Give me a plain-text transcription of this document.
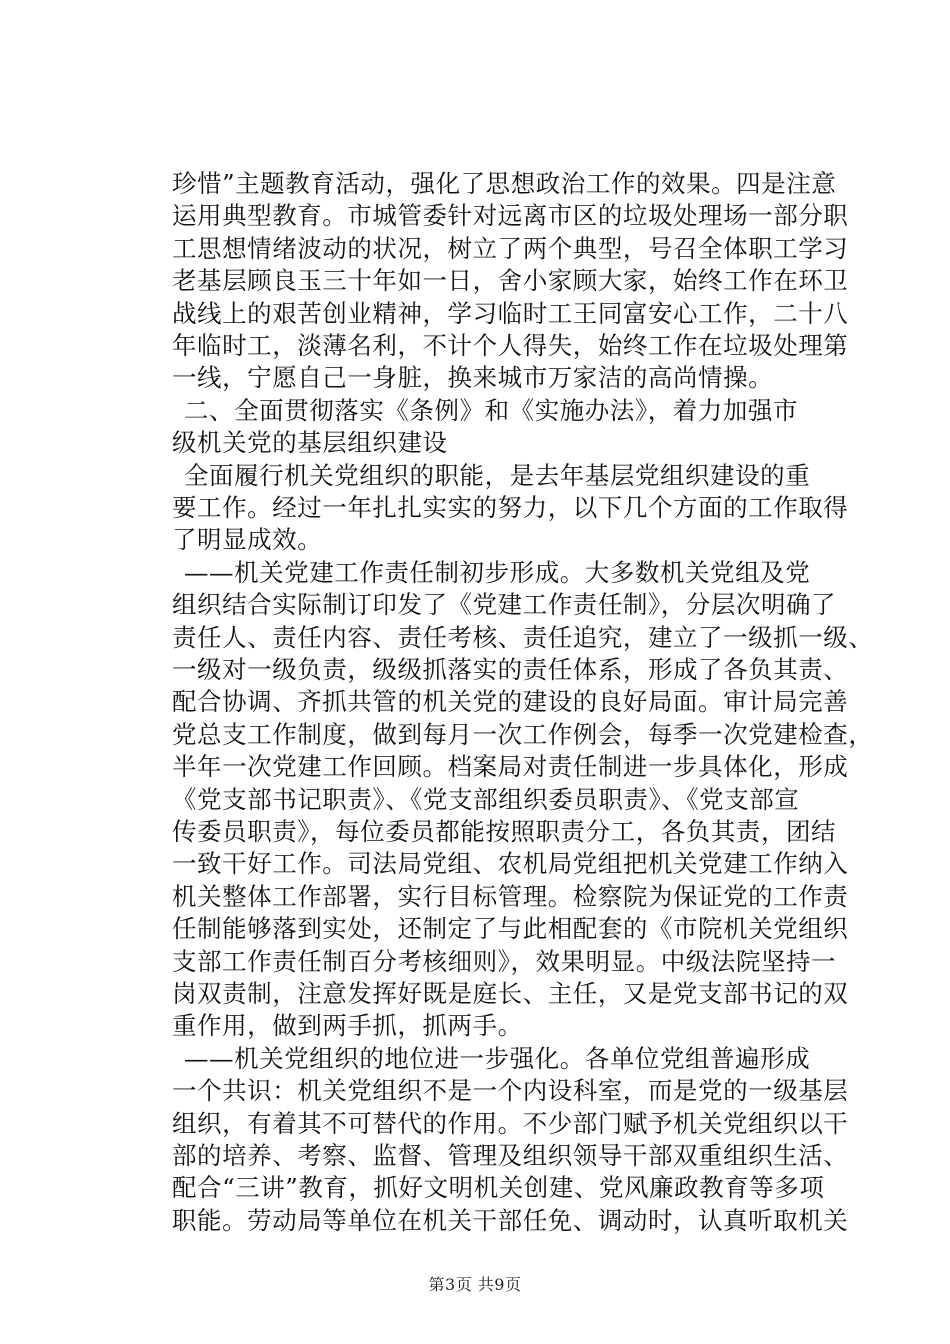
珍惜”主题教育活动，强化了思想政治工作的效果。四是注意
运用典型教育。市城管委针对远离市区的垃圾处理场一部分职
工思想情绪波动的状况，树立了两个典型，号召全体职工学习
老基层顾良玉三十年如一日，舍小家顾大家，始终工作在环卫
战线上的艰苦创业精神，学习临时工王同富安心工作，二十八
年临时工，淡薄名利，不计个人得失，始终工作在垃圾处理第
一线，宁愿自己一身脏，换来城市万家洁的高尚情操。
二、全面贯彻落实《条例》和《实施办法》，着力加强市
级机关党的基层组织建设
全面履行机关党组织的职能，是去年基层党组织建设的重
要工作。经过一年扎扎实实的努力，以下几个方面的工作取得
了明显成效。
——机关党建工作责任制初步形成。大多数机关党组及党
组织结合实际制订印发了《党建工作责任制》，分层次明确了
责任人、责任内容、责任考核、责任追究，建立了一级抓一级、
一级对一级负责，级级抓落实的责任体系，形成了各负其责、
配合协调、齐抓共管的机关党的建设的良好局面。审计局完善
党总支工作制度，做到每月一次工作例会，每季一次党建检查，
半年一次党建工作回顾。档案局对责任制进一步具体化，形成
《党支部书记职责》、《党支部组织委员职责》、《党支部宣
传委员职责》，每位委员都能按照职责分工，各负其责，团结
一致干好工作。司法局党组、农机局党组把机关党建工作纳入
机关整体工作部署，实行目标管理。检察院为保证党的工作责
任制能够落到实处，还制定了与此相配套的《市院机关党组织
支部工作责任制百分考核细则》，效果明显。中级法院坚持一
岗双责制，注意发挥好既是庭长、主任，又是党支部书记的双
重作用，做到两手抓，抓两手。
——机关党组织的地位进一步强化。各单位党组普遍形成
一个共识：机关党组织不是一个内设科室，而是党的一级基层
组织，有着其不可替代的作用。不少部门赋予机关党组织以干
部的培养、考察、监督、管理及组织领导干部双重组织生活、
配合“三讲”教育，抓好文明机关创建、党风廉政教育等多项
职能。劳动局等单位在机关干部任免、调动时，认真听取机关
第3页 共9页
